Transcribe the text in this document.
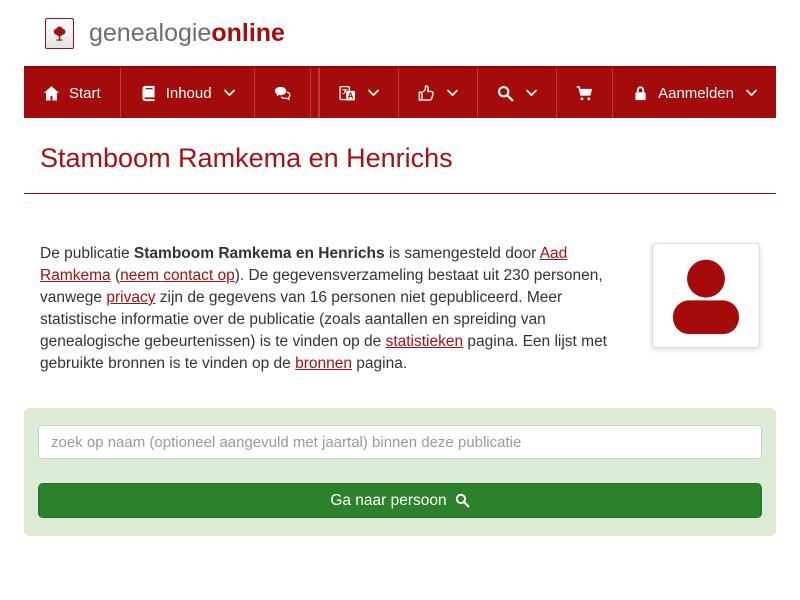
genealogieonline
Start	Inhoud	A	Aanmelden
Stamboom Ramkema en Henrichs

De publicatie Stamboom Ramkema en Henrichs is samengesteld door Aad Ramkema (neem contact op). De gegevensverzameling bestaat uit 230 personen, vanwege privacy zijn de gegevens van 16 personen niet gepubliceerd. Meer statistische informatie over de publicatie (zoals aantallen en spreiding van genealogische gebeurtenissen) is te vinden op de statistieken pagina. Een lijst met gebruikte bronnen is te vinden op de bronnen pagina.

zoek op naam (optioneel aangevuld met jaartal) binnen deze publicatie
Ga naar persoon
